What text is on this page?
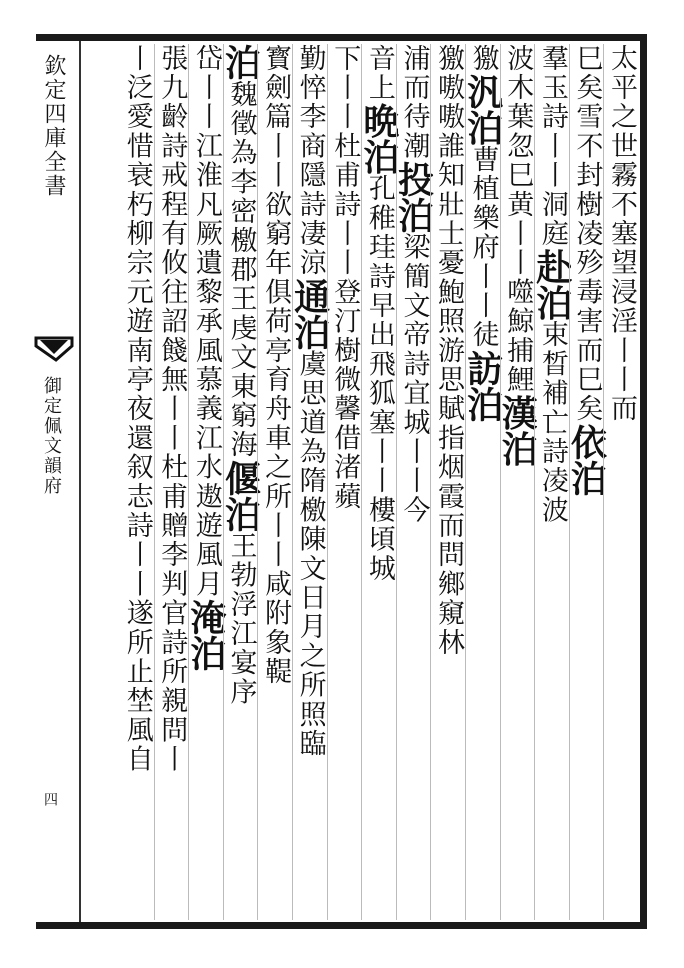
欽定四庫全書
御定佩文韻府
四
太平之世霧不塞望浸淫丨丨而
巳矣雪不封樹凌殄毒害而巳矣依泊
羣玉詩丨丨洞庭赴泊束晳補亡詩凌波
波木葉忽巳黄丨丨噬鯨捕鯉漢泊
獥汎泊曹植樂府丨丨徒訪泊
獥嗷嗷誰知壯士憂鮑照游思賦指烟霞而問鄉窺林
浦而待潮投泊梁簡文帝詩宜城丨丨今
音上晩泊孔稚珪詩早出飛狐塞丨丨樓頃城
下丨丨杜甫詩丨丨登汀樹微馨借渚蘋
勤悴李商隱詩凄涼通泊虞思道為隋檄陳文日月之所照臨
寳劍篇丨丨欲窮年俱荷亭育舟車之所丨丨咸附象鞮
泊魏徵為李密檄郡王虔文東窮海偃泊王勃浮江宴序
岱丨丨江淮凡厥遺黎承風慕義江水遨遊風月淹泊
張九齡詩戒程有攸往詔餞無丨丨杜甫贈李判官詩所親問丨
丨泛愛惜衰朽柳宗元遊南亭夜還叙志詩丨丨遂所止埜風自
